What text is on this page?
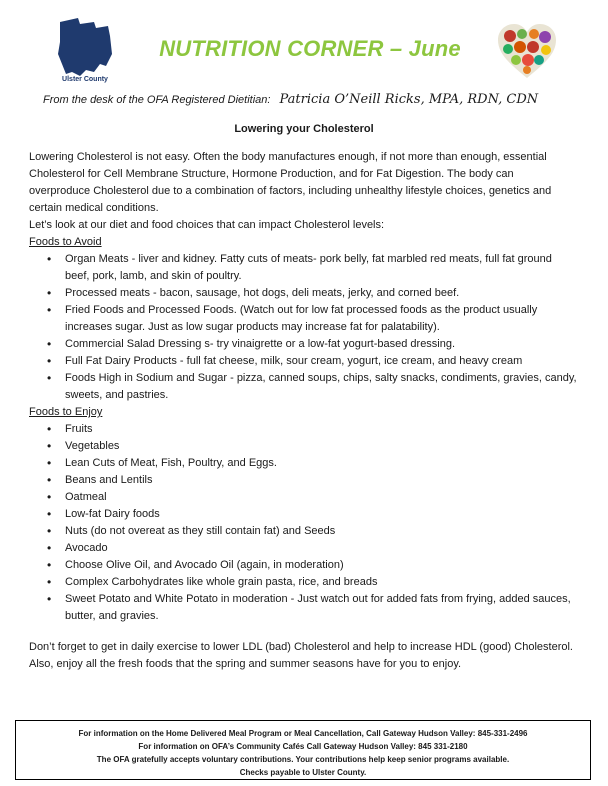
Ulster County
NUTRITION CORNER – June
From the desk of the OFA Registered Dietitian: Patricia O’Neill Ricks, MPA, RDN, CDN
Lowering your Cholesterol

Lowering Cholesterol is not easy. Often the body manufactures enough, if not more than enough, essential Cholesterol for Cell Membrane Structure, Hormone Production, and for Fat Digestion. The body can overproduce Cholesterol due to a combination of factors, including unhealthy lifestyle choices, genetics and certain medical conditions.

Let’s look at our diet and food choices that can impact Cholesterol levels:

Foods to Avoid

• Organ Meats - liver and kidney. Fatty cuts of meats- pork belly, fat marbled red meats, full fat ground beef, pork, lamb, and skin of poultry.
• Processed meats - bacon, sausage, hot dogs, deli meats, jerky, and corned beef.
• Fried Foods and Processed Foods. (Watch out for low fat processed foods as the product usually increases sugar. Just as low sugar products may increase fat for palatability).
• Commercial Salad Dressing s- try vinaigrette or a low-fat yogurt-based dressing.
• Full Fat Dairy Products - full fat cheese, milk, sour cream, yogurt, ice cream, and heavy cream
• Foods High in Sodium and Sugar - pizza, canned soups, chips, salty snacks, condiments, gravies, candy, sweets, and pastries.

Foods to Enjoy

• Fruits
• Vegetables
• Lean Cuts of Meat, Fish, Poultry, and Eggs.
• Beans and Lentils
• Oatmeal
• Low-fat Dairy foods
• Nuts (do not overeat as they still contain fat) and Seeds
• Avocado
• Choose Olive Oil, and Avocado Oil (again, in moderation)
• Complex Carbohydrates like whole grain pasta, rice, and breads
• Sweet Potato and White Potato in moderation - Just watch out for added fats from frying, added sauces, butter, and gravies.

Don’t forget to get in daily exercise to lower LDL (bad) Cholesterol and help to increase HDL (good) Cholesterol. Also, enjoy all the fresh foods that the spring and summer seasons have for you to enjoy.

For information on the Home Delivered Meal Program or Meal Cancellation, Call Gateway Hudson Valley: 845-331-2496
For information on OFA’s Community Cafés Call Gateway Hudson Valley: 845 331-2180
The OFA gratefully accepts voluntary contributions. Your contributions help keep senior programs available.
Checks payable to Ulster County.
